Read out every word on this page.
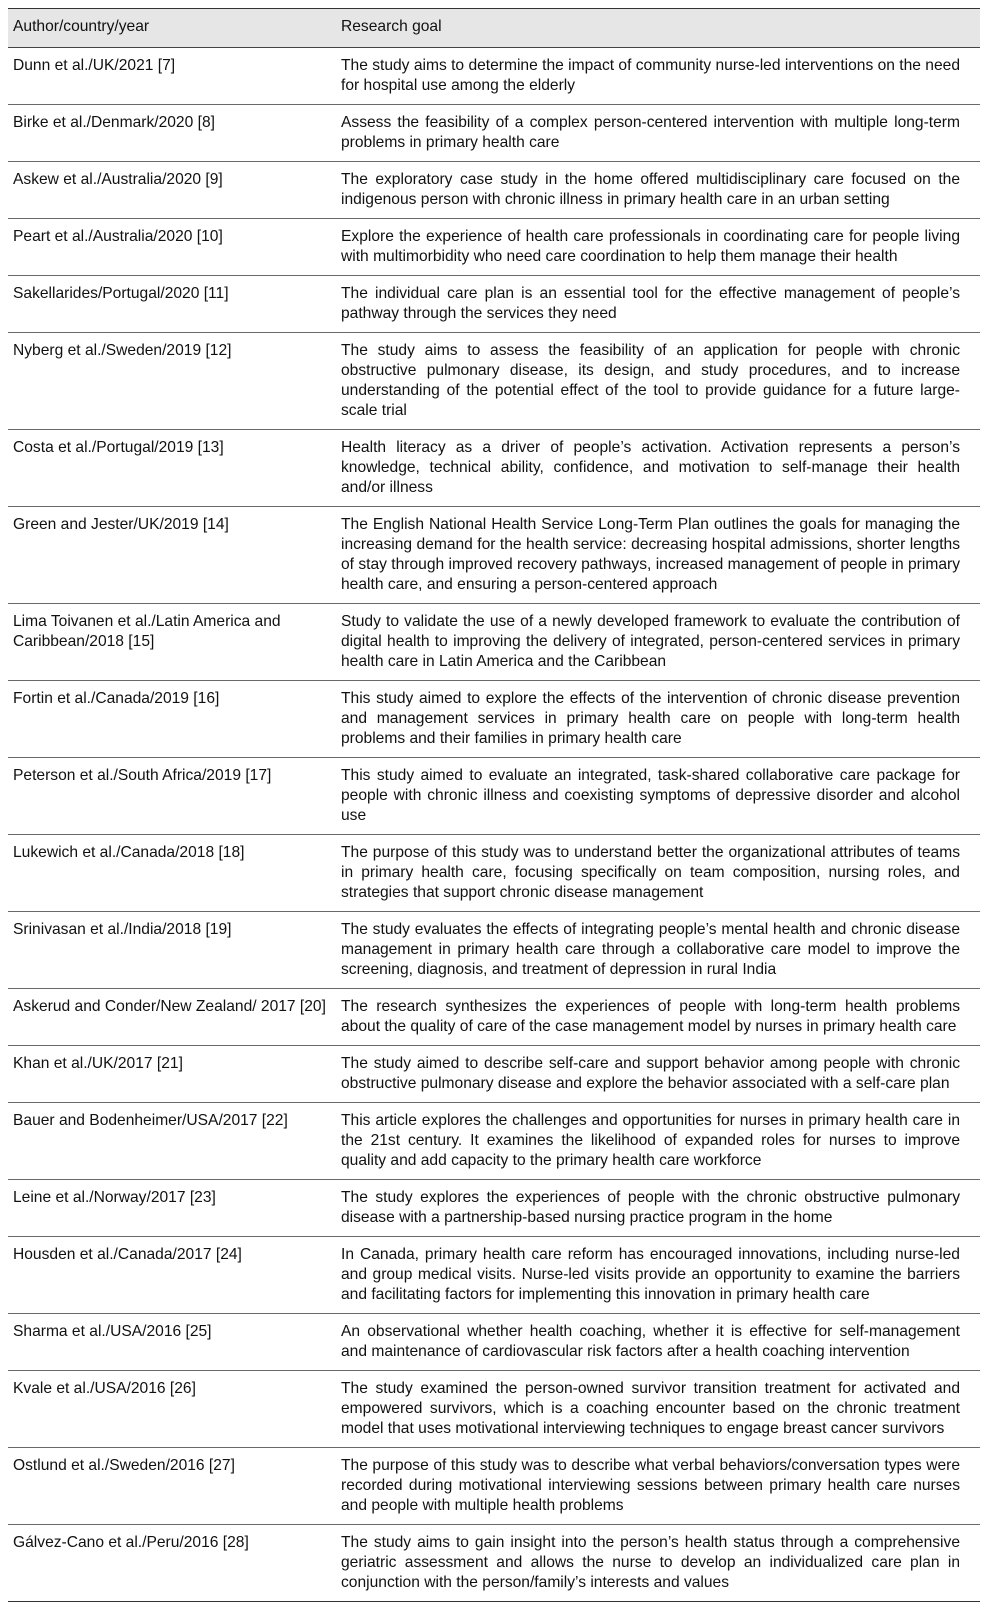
Author/country/year	Research goal
Dunn et al./UK/2021 [7]	The study aims to determine the impact of community nurse-led interventions on the need for hospital use among the elderly
Birke et al./Denmark/2020 [8]	Assess the feasibility of a complex person-centered intervention with multiple long-term problems in primary health care
Askew et al./Australia/2020 [9]	The exploratory case study in the home offered multidisciplinary care focused on the indigenous person with chronic illness in primary health care in an urban setting
Peart et al./Australia/2020 [10]	Explore the experience of health care professionals in coordinating care for people living with multimorbidity who need care coordination to help them manage their health
Sakellarides/Portugal/2020 [11]	The individual care plan is an essential tool for the effective management of people’s pathway through the services they need
Nyberg et al./Sweden/2019 [12]	The study aims to assess the feasibility of an application for people with chronic obstructive pulmonary disease, its design, and study procedures, and to increase understanding of the potential effect of the tool to provide guidance for a future large-scale trial
Costa et al./Portugal/2019 [13]	Health literacy as a driver of people’s activation. Activation represents a person’s knowledge, technical ability, confidence, and motivation to self-manage their health and/or illness
Green and Jester/UK/2019 [14]	The English National Health Service Long-Term Plan outlines the goals for managing the increasing demand for the health service: decreasing hospital admissions, shorter lengths of stay through improved recovery pathways, increased management of people in primary health care, and ensuring a person-centered approach
Lima Toivanen et al./Latin America and Caribbean/2018 [15]	Study to validate the use of a newly developed framework to evaluate the contribution of digital health to improving the delivery of integrated, person-centered services in primary health care in Latin America and the Caribbean
Fortin et al./Canada/2019 [16]	This study aimed to explore the effects of the intervention of chronic disease prevention and management services in primary health care on people with long-term health problems and their families in primary health care
Peterson et al./South Africa/2019 [17]	This study aimed to evaluate an integrated, task-shared collaborative care package for people with chronic illness and coexisting symptoms of depressive disorder and alcohol use
Lukewich et al./Canada/2018 [18]	The purpose of this study was to understand better the organizational attributes of teams in primary health care, focusing specifically on team composition, nursing roles, and strategies that support chronic disease management
Srinivasan et al./India/2018 [19]	The study evaluates the effects of integrating people’s mental health and chronic disease management in primary health care through a collaborative care model to improve the screening, diagnosis, and treatment of depression in rural India
Askerud and Conder/New Zealand/ 2017 [20]	The research synthesizes the experiences of people with long-term health problems about the quality of care of the case management model by nurses in primary health care
Khan et al./UK/2017 [21]	The study aimed to describe self-care and support behavior among people with chronic obstructive pulmonary disease and explore the behavior associated with a self-care plan
Bauer and Bodenheimer/USA/2017 [22]	This article explores the challenges and opportunities for nurses in primary health care in the 21st century. It examines the likelihood of expanded roles for nurses to improve quality and add capacity to the primary health care workforce
Leine et al./Norway/2017 [23]	The study explores the experiences of people with the chronic obstructive pulmonary disease with a partnership-based nursing practice program in the home
Housden et al./Canada/2017 [24]	In Canada, primary health care reform has encouraged innovations, including nurse-led and group medical visits. Nurse-led visits provide an opportunity to examine the barriers and facilitating factors for implementing this innovation in primary health care
Sharma et al./USA/2016 [25]	An observational whether health coaching, whether it is effective for self-management and maintenance of cardiovascular risk factors after a health coaching intervention
Kvale et al./USA/2016 [26]	The study examined the person-owned survivor transition treatment for activated and empowered survivors, which is a coaching encounter based on the chronic treatment model that uses motivational interviewing techniques to engage breast cancer survivors
Ostlund et al./Sweden/2016 [27]	The purpose of this study was to describe what verbal behaviors/conversation types were recorded during motivational interviewing sessions between primary health care nurses and people with multiple health problems
Gálvez-Cano et al./Peru/2016 [28]	The study aims to gain insight into the person’s health status through a comprehensive geriatric assessment and allows the nurse to develop an individualized care plan in conjunction with the person/family’s interests and values
